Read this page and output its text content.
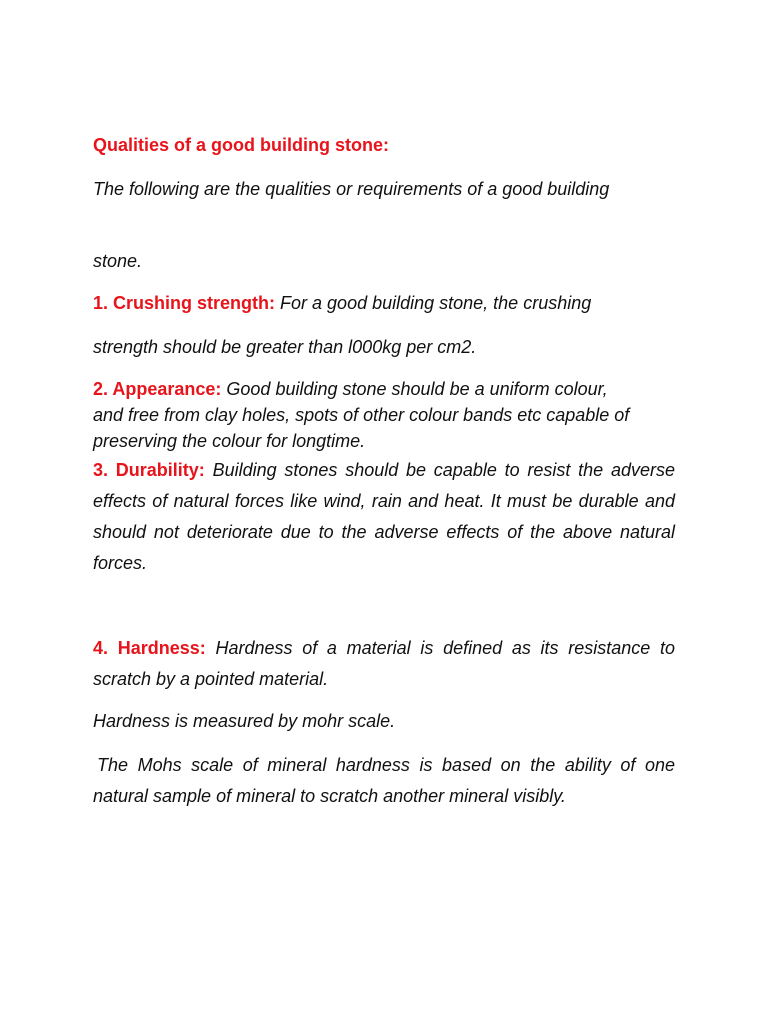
Qualities of a good building stone:

The following are the qualities or requirements of a good building

stone.

1. Crushing strength: For a good building stone, the crushing

strength should be greater than l000kg per cm2.

2. Appearance: Good building stone should be a uniform colour, and free from clay holes, spots of other colour bands etc capable of preserving the colour for longtime.

3. Durability: Building stones should be capable to resist the adverse effects of natural forces like wind, rain and heat. It must be durable and should not deteriorate due to the adverse effects of the above natural forces.

4. Hardness: Hardness of a material is defined as its resistance to scratch by a pointed material.

Hardness is measured by mohr scale.

The Mohs scale of mineral hardness is based on the ability of one natural sample of mineral to scratch another mineral visibly.
